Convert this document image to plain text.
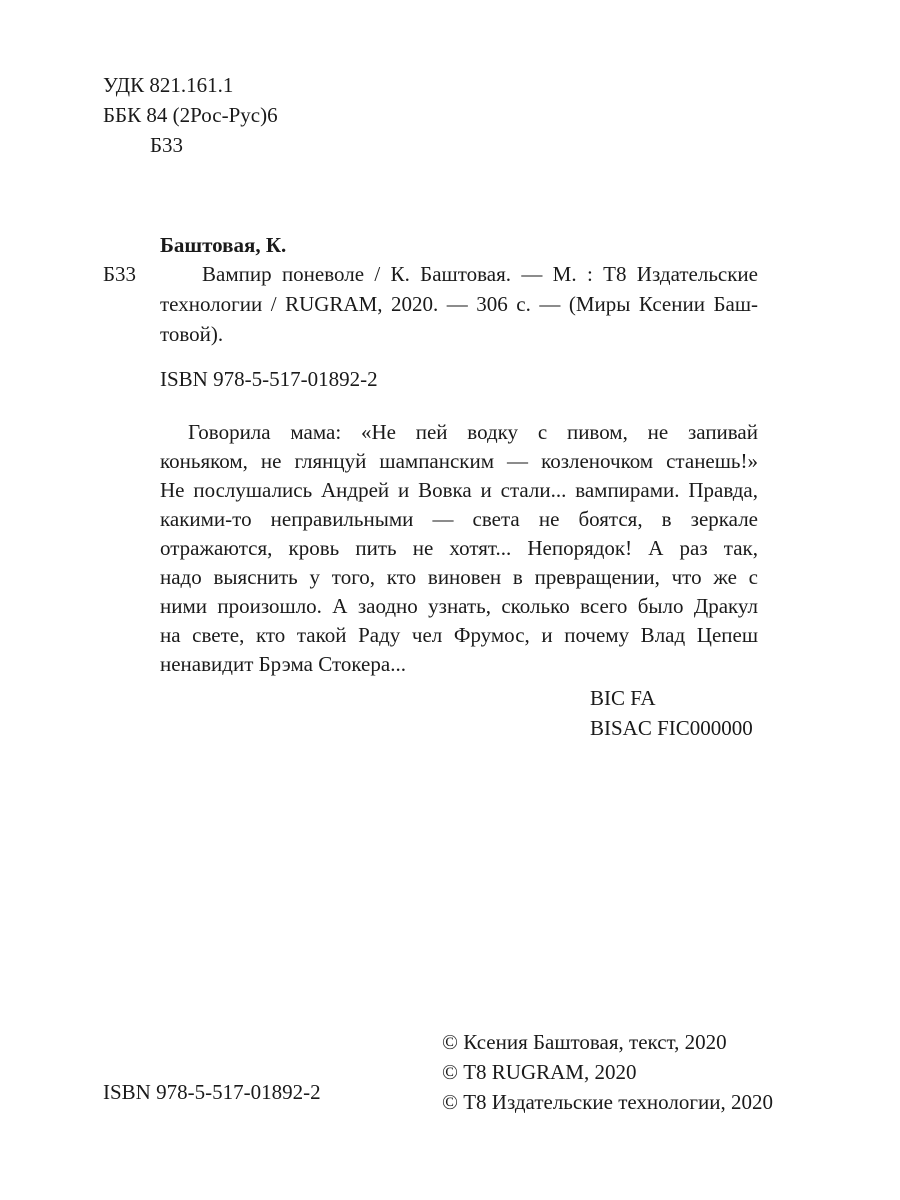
УДК 821.161.1
ББК 84 (2Рос-Рус)6
Б33
Баштовая, К.
Б33	Вампир поневоле / К. Баштовая. — М. : Т8 Издательские
технологии / RUGRAM, 2020. — 306 с. — (Миры Ксении Баш-
товой).
ISBN 978-5-517-01892-2
Говорила мама: «Не пей водку с пивом, не запивай
коньяком, не глянцуй шампанским — козленочком станешь!»
Не послушались Андрей и Вовка и стали... вампирами. Правда,
какими-то неправильными — света не боятся, в зеркале
отражаются, кровь пить не хотят... Непорядок! А раз так,
надо выяснить у того, кто виновен в превращении, что же с
ними произошло. А заодно узнать, сколько всего было Дракул
на свете, кто такой Раду чел Фрумос, и почему Влад Цепеш
ненавидит Брэма Стокера...
BIC FA
BISAC FIC000000
ISBN 978-5-517-01892-2
© Ксения Баштовая, текст, 2020
© Т8 RUGRAM, 2020
© Т8 Издательские технологии, 2020
